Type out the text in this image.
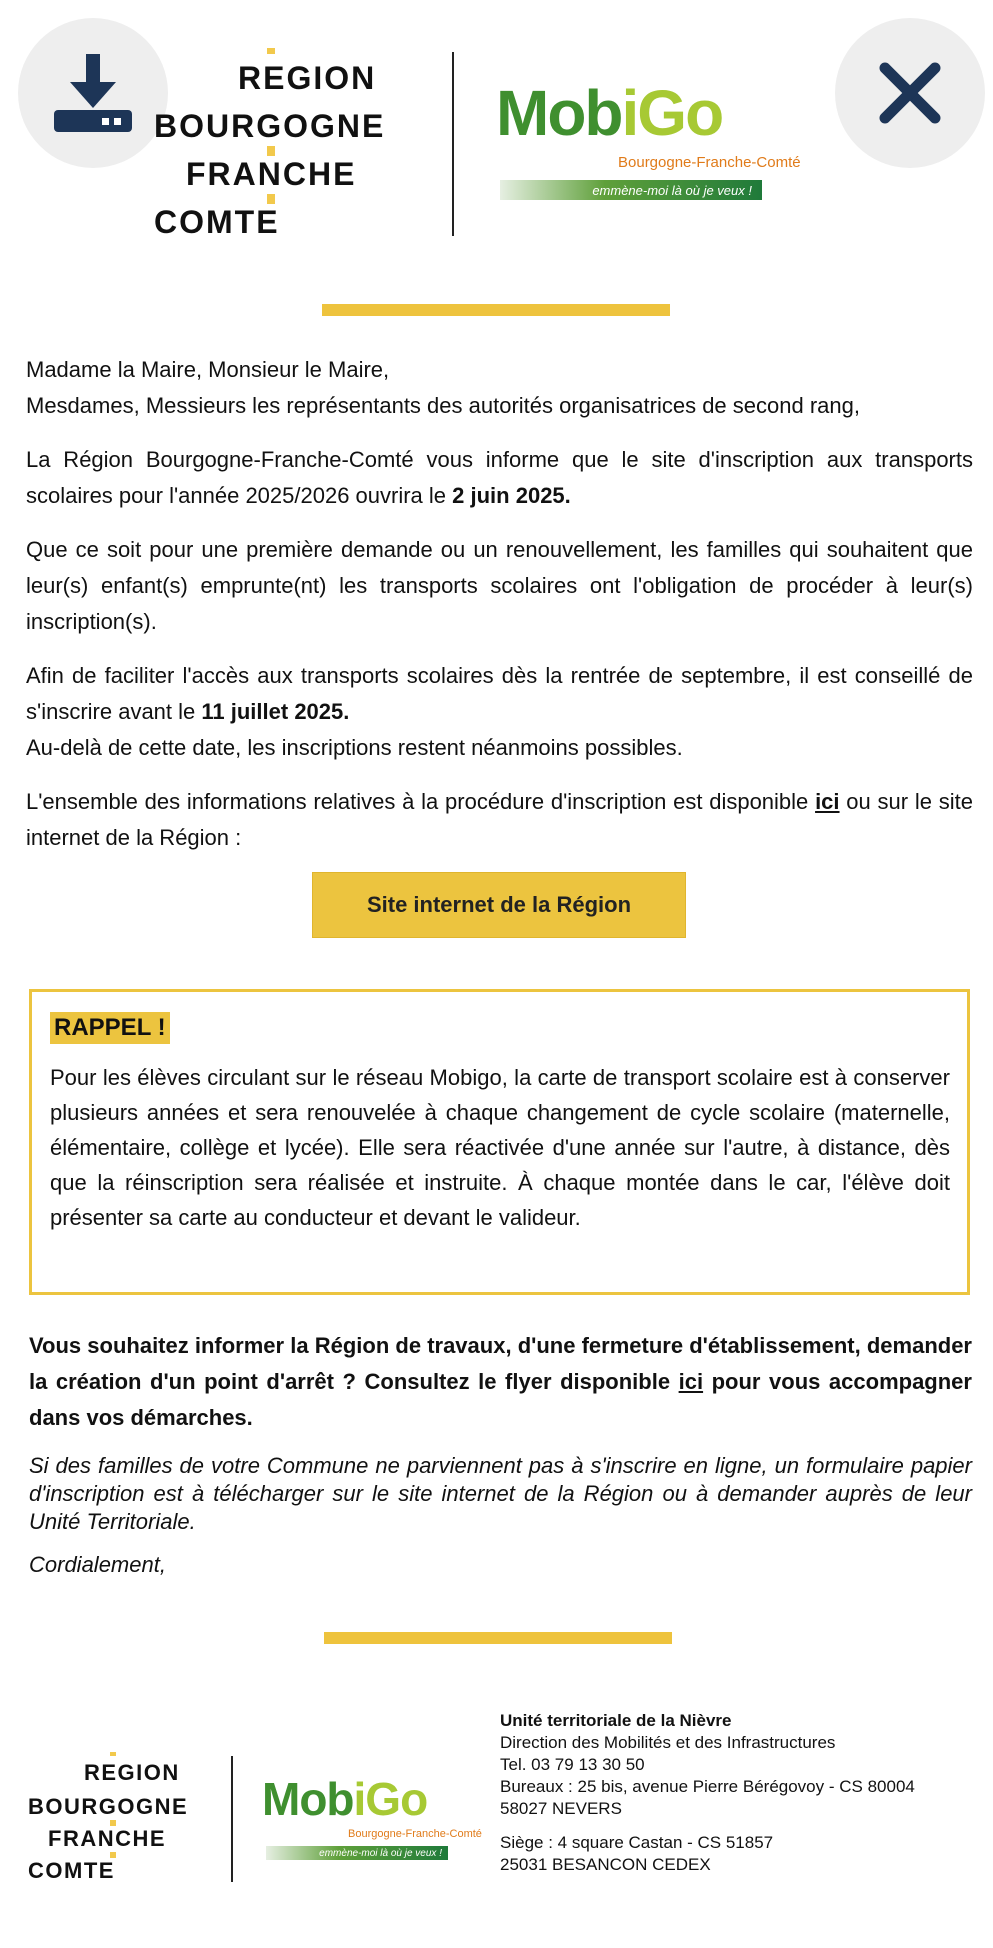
REGION
BOURGOGNE
FRANCHE
COMTE
MobiGo
Bourgogne-Franche-Comté
emmène-moi là où je veux !
Madame la Maire, Monsieur le Maire,
Mesdames, Messieurs les représentants des autorités organisatrices de second rang,
La Région Bourgogne-Franche-Comté vous informe que le site d'inscription aux transports scolaires pour l'année 2025/2026 ouvrira le 2 juin 2025.
Que ce soit pour une première demande ou un renouvellement, les familles qui souhaitent que leur(s) enfant(s) emprunte(nt) les transports scolaires ont l'obligation de procéder à leur(s) inscription(s).
Afin de faciliter l'accès aux transports scolaires dès la rentrée de septembre, il est conseillé de s'inscrire avant le 11 juillet 2025.
Au-delà de cette date, les inscriptions restent néanmoins possibles.
L'ensemble des informations relatives à la procédure d'inscription est disponible ici ou sur le site internet de la Région :
Site internet de la Région
RAPPEL !
Pour les élèves circulant sur le réseau Mobigo, la carte de transport scolaire est à conserver plusieurs années et sera renouvelée à chaque changement de cycle scolaire (maternelle, élémentaire, collège et lycée). Elle sera réactivée d'une année sur l'autre, à distance, dès que la réinscription sera réalisée et instruite. À chaque montée dans le car, l'élève doit présenter sa carte au conducteur et devant le valideur.
Vous souhaitez informer la Région de travaux, d'une fermeture d'établissement, demander la création d'un point d'arrêt ? Consultez le flyer disponible ici pour vous accompagner dans vos démarches.
Si des familles de votre Commune ne parviennent pas à s'inscrire en ligne, un formulaire papier d'inscription est à télécharger sur le site internet de la Région ou à demander auprès de leur Unité Territoriale.
Cordialement,
REGION
BOURGOGNE
FRANCHE
COMTE
MobiGo
Bourgogne-Franche-Comté
emmène-moi là où je veux !
Unité territoriale de la Nièvre
Direction des Mobilités et des Infrastructures
Tel. 03 79 13 30 50
Bureaux : 25 bis, avenue Pierre Bérégovoy - CS 80004
58027 NEVERS
Siège : 4 square Castan - CS 51857
25031 BESANCON CEDEX
